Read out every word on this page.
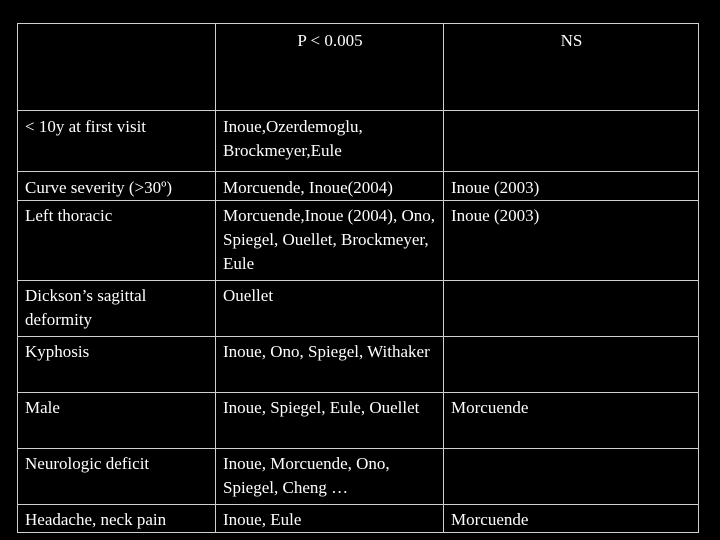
	P < 0.005	NS
< 10y at first visit	Inoue,Ozerdemoglu, Brockmeyer,Eule	
Curve severity (>30º)	Morcuende, Inoue(2004)	Inoue (2003)
Left thoracic	Morcuende,Inoue (2004), Ono, Spiegel, Ouellet, Brockmeyer, Eule	Inoue (2003)
Dickson’s sagittal deformity	Ouellet	
Kyphosis	Inoue, Ono, Spiegel, Withaker	
Male	Inoue, Spiegel, Eule, Ouellet	Morcuende
Neurologic deficit	Inoue, Morcuende, Ono, Spiegel, Cheng …	
Headache, neck pain	Inoue, Eule	Morcuende
